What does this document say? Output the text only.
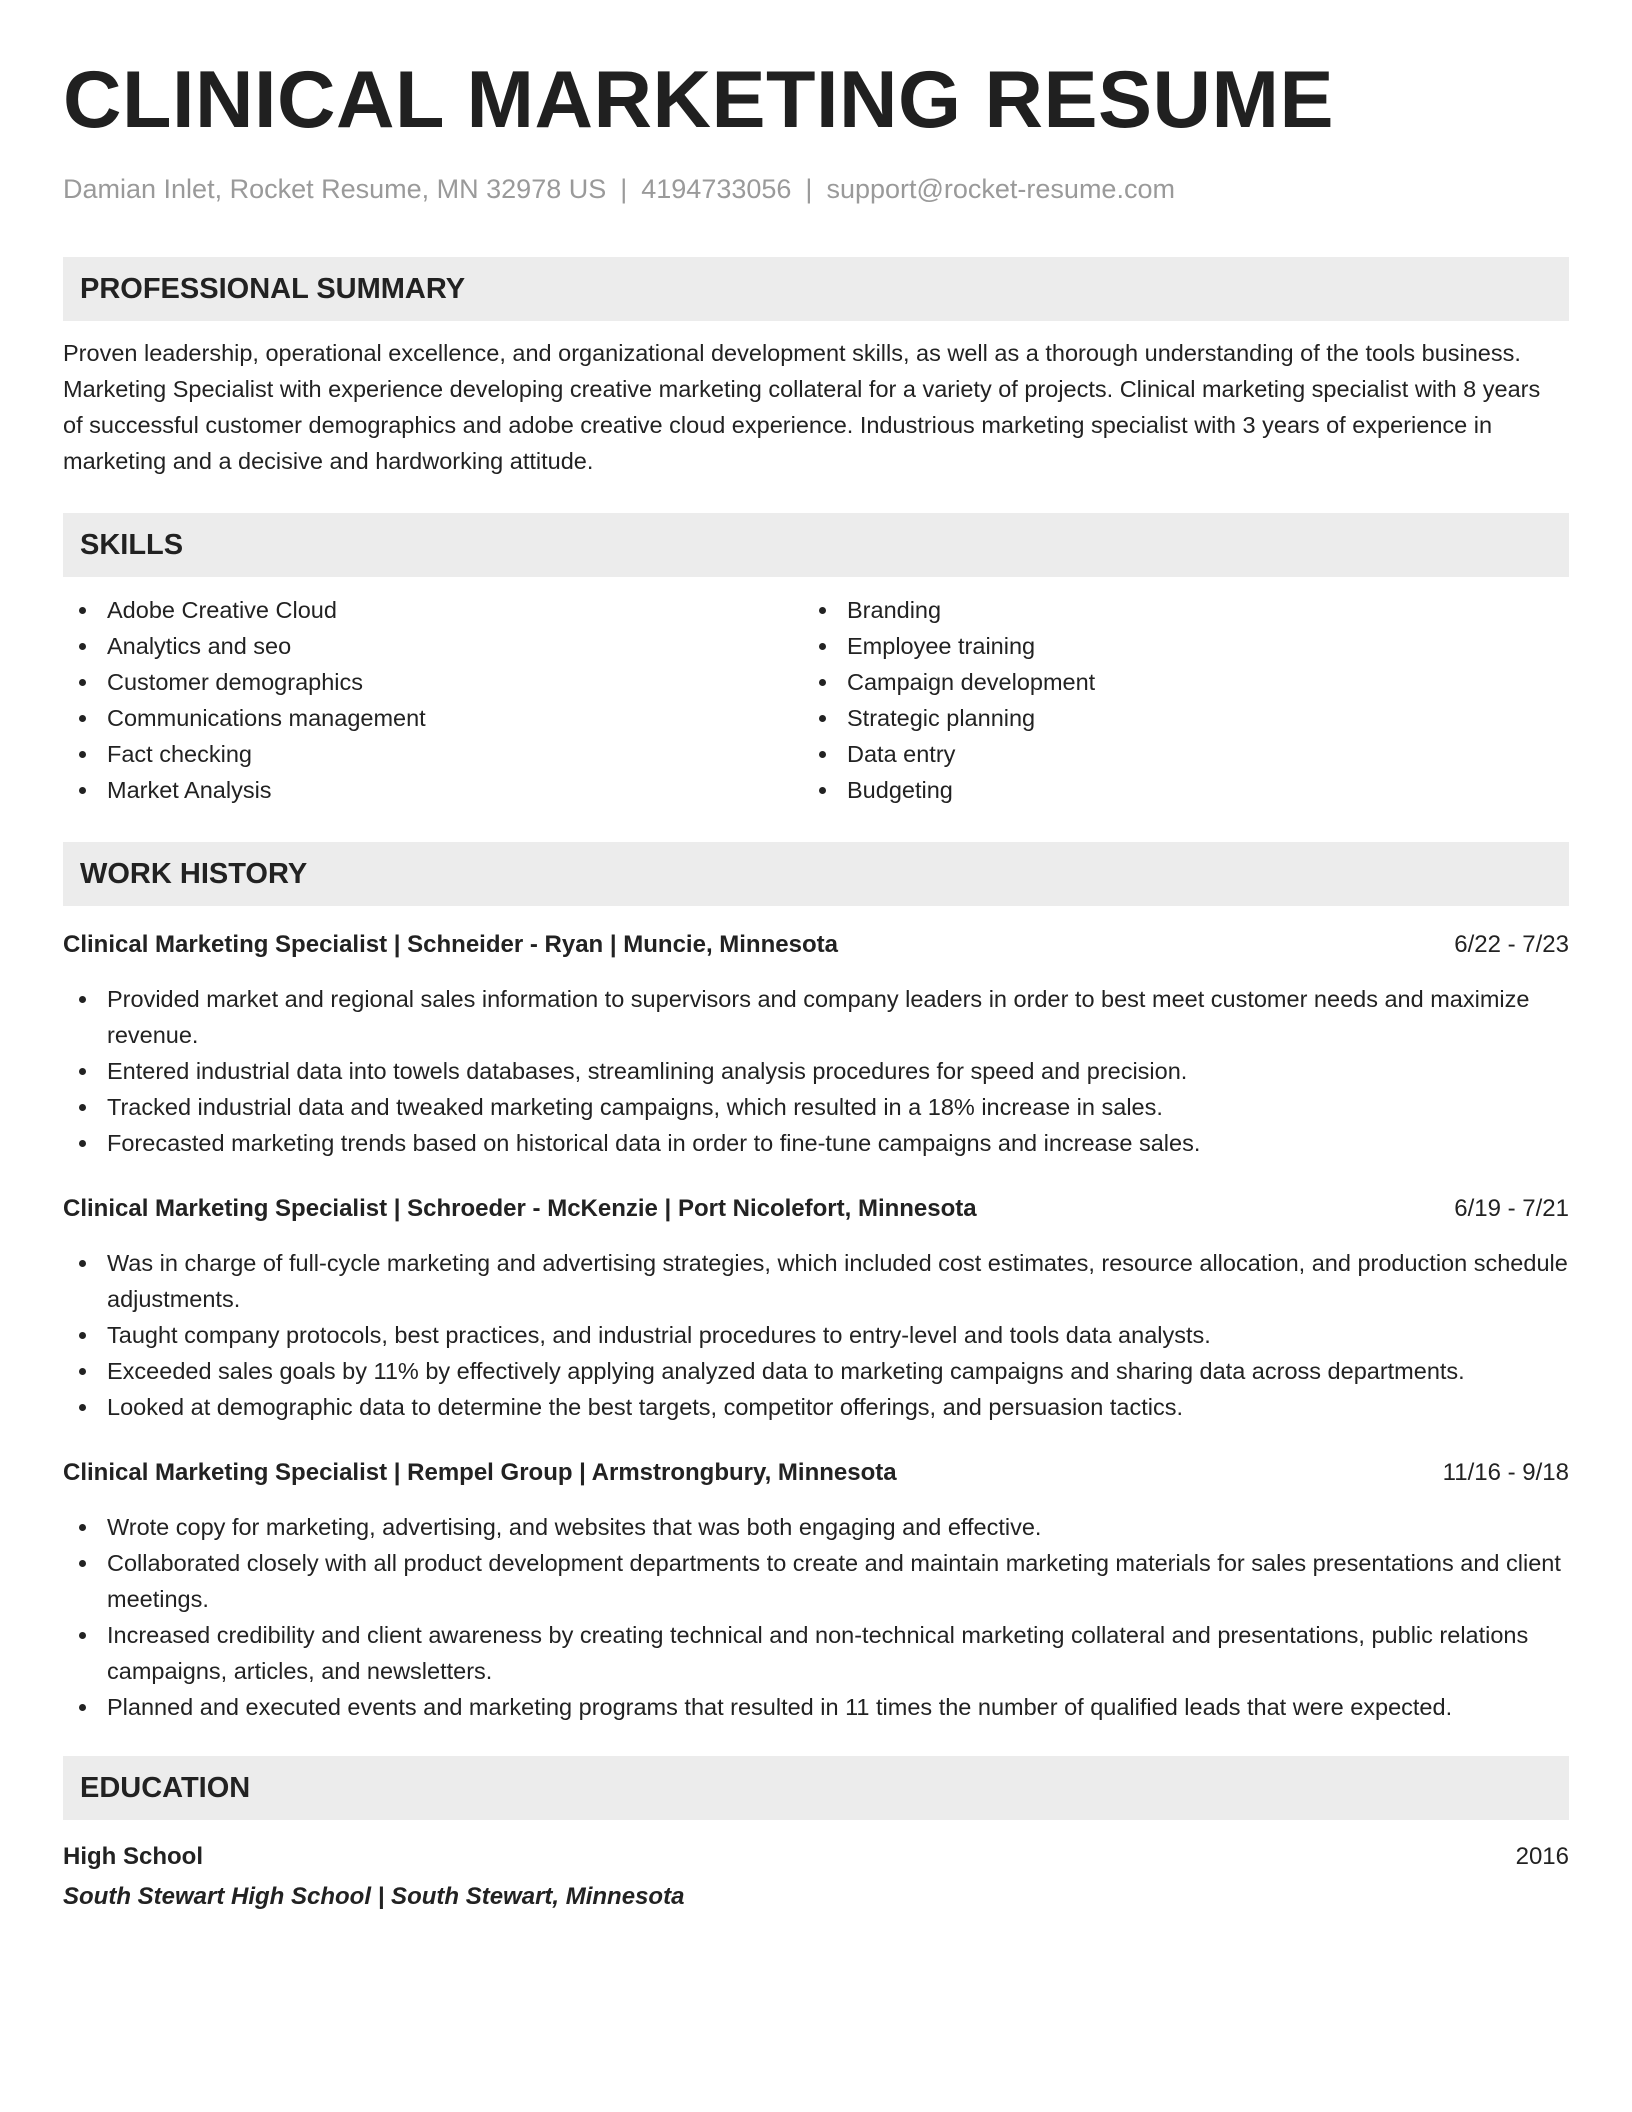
CLINICAL MARKETING RESUME
Damian Inlet, Rocket Resume, MN 32978 US | 4194733056 | support@rocket-resume.com
PROFESSIONAL SUMMARY
Proven leadership, operational excellence, and organizational development skills, as well as a thorough understanding of the tools business. Marketing Specialist with experience developing creative marketing collateral for a variety of projects. Clinical marketing specialist with 8 years of successful customer demographics and adobe creative cloud experience. Industrious marketing specialist with 3 years of experience in marketing and a decisive and hardworking attitude.
SKILLS
Adobe Creative Cloud
Analytics and seo
Customer demographics
Communications management
Fact checking
Market Analysis
Branding
Employee training
Campaign development
Strategic planning
Data entry
Budgeting
WORK HISTORY
Clinical Marketing Specialist | Schneider - Ryan | Muncie, Minnesota	6/22 - 7/23
Provided market and regional sales information to supervisors and company leaders in order to best meet customer needs and maximize revenue.
Entered industrial data into towels databases, streamlining analysis procedures for speed and precision.
Tracked industrial data and tweaked marketing campaigns, which resulted in a 18% increase in sales.
Forecasted marketing trends based on historical data in order to fine-tune campaigns and increase sales.
Clinical Marketing Specialist | Schroeder - McKenzie | Port Nicolefort, Minnesota	6/19 - 7/21
Was in charge of full-cycle marketing and advertising strategies, which included cost estimates, resource allocation, and production schedule adjustments.
Taught company protocols, best practices, and industrial procedures to entry-level and tools data analysts.
Exceeded sales goals by 11% by effectively applying analyzed data to marketing campaigns and sharing data across departments.
Looked at demographic data to determine the best targets, competitor offerings, and persuasion tactics.
Clinical Marketing Specialist | Rempel Group | Armstrongbury, Minnesota	11/16 - 9/18
Wrote copy for marketing, advertising, and websites that was both engaging and effective.
Collaborated closely with all product development departments to create and maintain marketing materials for sales presentations and client meetings.
Increased credibility and client awareness by creating technical and non-technical marketing collateral and presentations, public relations campaigns, articles, and newsletters.
Planned and executed events and marketing programs that resulted in 11 times the number of qualified leads that were expected.
EDUCATION
High School	2016
South Stewart High School | South Stewart, Minnesota
